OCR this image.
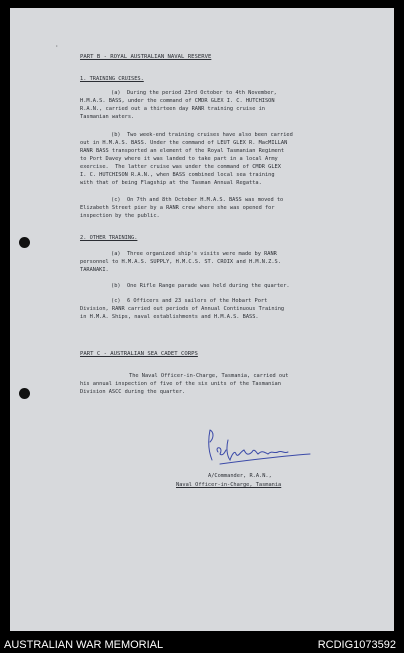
·
PART B - ROYAL AUSTRALIAN NAVAL RESERVE
1. TRAINING CRUISES.
(a)  During the period 23rd October to 4th November,
H.M.A.S. BASS, under the command of CMDR GLEX I. C. HUTCHISON
R.A.N., carried out a thirteen day RANR training cruise in
Tasmanian waters.
(b)  Two week-end training cruises have also been carried
out in H.M.A.S. BASS. Under the command of LEUT GLEX R. MacMILLAN
RANR BASS transported an element of the Royal Tasmanian Regiment
to Port Davey where it was landed to take part in a local Army
exercise.  The latter cruise was under the command of CMDR GLEX
I. C. HUTCHISON R.A.N., when BASS combined local sea training
with that of being Flagship at the Tasman Annual Regatta.
(c)  On 7th and 8th October H.M.A.S. BASS was moved to
Elizabeth Street pier by a RANR crew where she was opened for
inspection by the public.
2. OTHER TRAINING.
(a)  Three organized ship's visits were made by RANR
personnel to H.M.A.S. SUPPLY, H.M.C.S. ST. CROIX and H.M.N.Z.S.
TARANAKI.
(b)  One Rifle Range parade was held during the quarter.
(c)  6 Officers and 23 sailors of the Hobart Port
Division, RANR carried out periods of Annual Continuous Training
in H.M.A. Ships, naval establishments and H.M.A.S. BASS.
PART C - AUSTRALIAN SEA CADET CORPS
The Naval Officer-in-Charge, Tasmania, carried out
his annual inspection of five of the six units of the Tasmanian
Division ASCC during the quarter.
A/Commander, R.A.N.,
Naval Officer-in-Charge, Tasmania
AUSTRALIAN WAR MEMORIAL	RCDIG1073592
